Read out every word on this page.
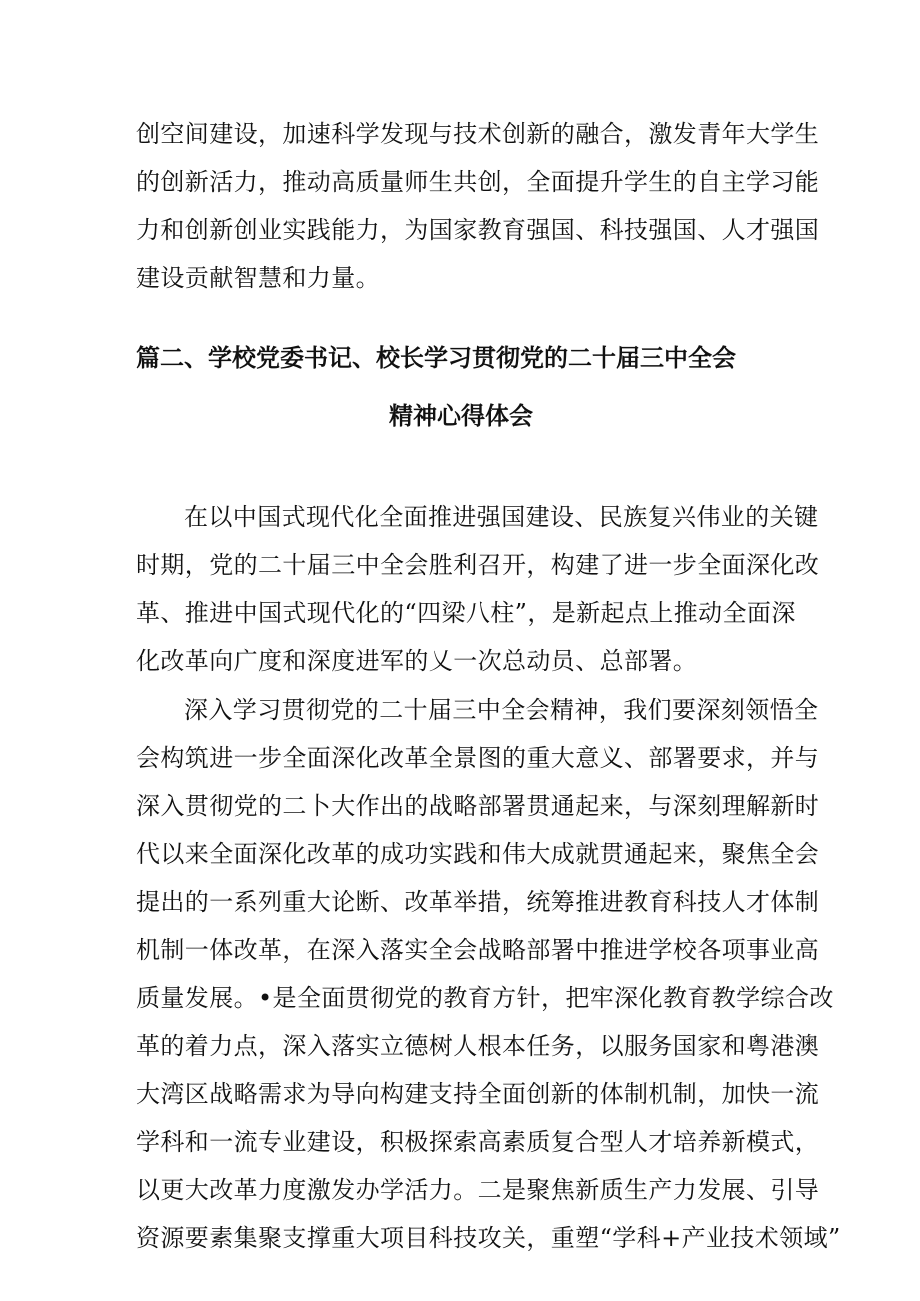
创空间建设，加速科学发现与技术创新的融合，激发青年大学生
的创新活力，推动高质量师生共创，全面提升学生的自主学习能
力和创新创业实践能力，为国家教育强国、科技强国、人才强国
建设贡献智慧和力量。
篇二、学校党委书记、校长学习贯彻党的二十届三中全会
精神心得体会
在以中国式现代化全面推进强国建设、民族复兴伟业的关键
时期，党的二十届三中全会胜利召开，构建了进一步全面深化改
革、推进中国式现代化的“四梁八柱”，是新起点上推动全面深
化改革向广度和深度进军的乂一次总动员、总部署。
深入学习贯彻党的二十届三中全会精神，我们要深刻领悟全
会构筑进一步全面深化改革全景图的重大意义、部署要求，并与
深入贯彻党的二卜大作出的战略部署贯通起来，与深刻理解新时
代以来全面深化改革的成功实践和伟大成就贯通起来，聚焦全会
提出的一系列重大论断、改革举措，统筹推进教育科技人才体制
机制一体改革，在深入落实全会战略部署中推进学校各项事业高
质量发展。•是全面贯彻党的教育方针，把牢深化教育教学综合改
革的着力点，深入落实立德树人根本任务，以服务国家和粤港澳
大湾区战略需求为导向构建支持全面创新的体制机制，加快一流
学科和一流专业建设，积极探索高素质复合型人才培养新模式，
以更大改革力度激发办学活力。二是聚焦新质生产力发展、引导
资源要素集聚支撑重大项目科技攻关，重塑“学科+产业技术领域”
